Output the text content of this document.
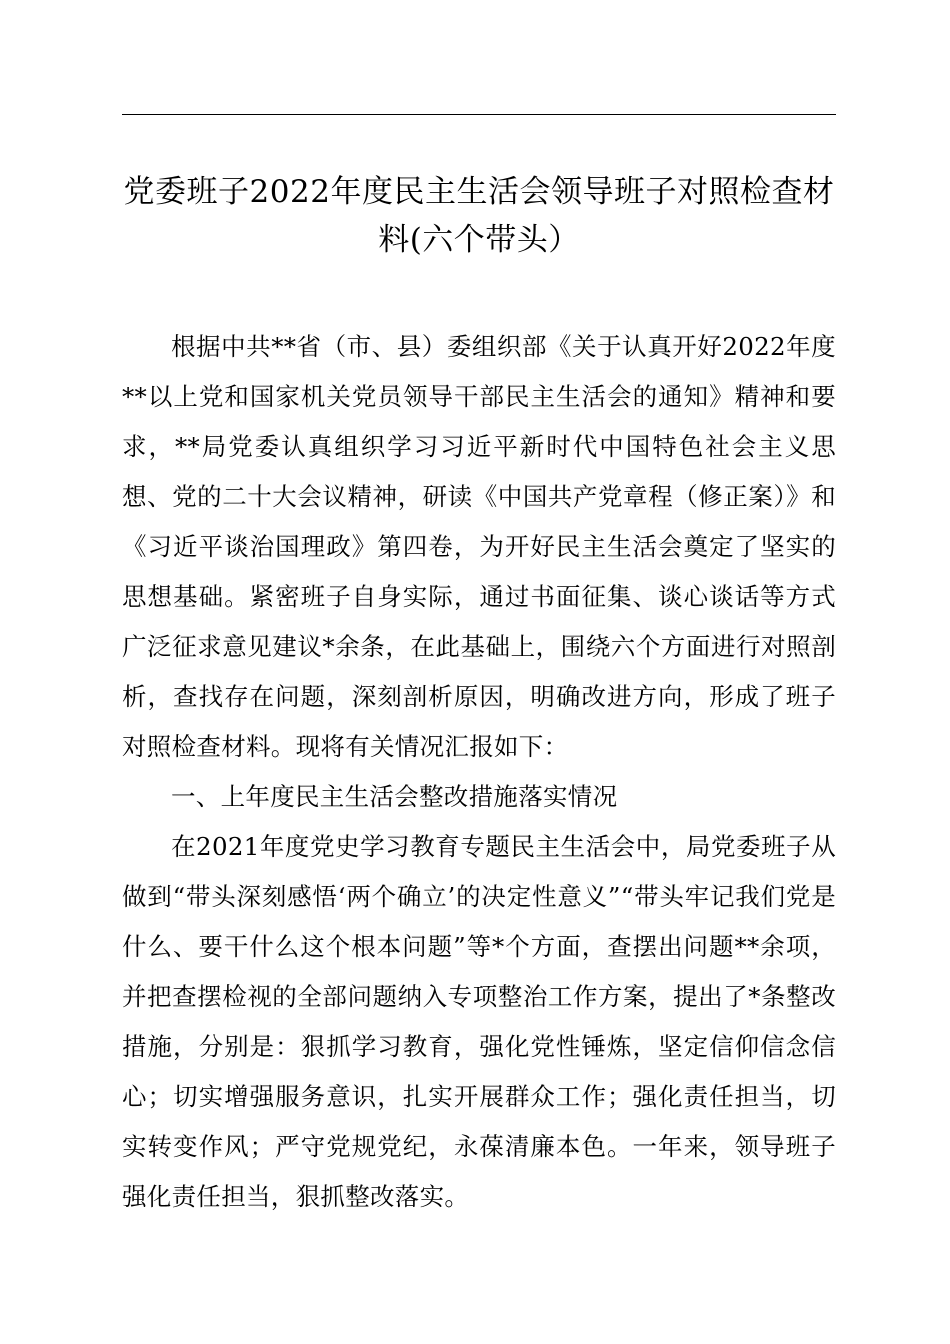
党委班子2022年度民主生活会领导班子对照检查材料(六个带头）

根据中共**省（市、县）委组织部《关于认真开好2022年度**以上党和国家机关党员领导干部民主生活会的通知》精神和要求，**局党委认真组织学习习近平新时代中国特色社会主义思想、党的二十大会议精神，研读《中国共产党章程（修正案）》和《习近平谈治国理政》第四卷，为开好民主生活会奠定了坚实的思想基础。紧密班子自身实际，通过书面征集、谈心谈话等方式广泛征求意见建议*余条，在此基础上，围绕六个方面进行对照剖析，查找存在问题，深刻剖析原因，明确改进方向，形成了班子对照检查材料。现将有关情况汇报如下：

一、上年度民主生活会整改措施落实情况

在2021年度党史学习教育专题民主生活会中，局党委班子从做到“带头深刻感悟‘两个确立’的决定性意义”“带头牢记我们党是什么、要干什么这个根本问题”等*个方面，查摆出问题**余项，并把查摆检视的全部问题纳入专项整治工作方案，提出了*条整改措施，分别是：狠抓学习教育，强化党性锤炼，坚定信仰信念信心；切实增强服务意识，扎实开展群众工作；强化责任担当，切实转变作风；严守党规党纪，永葆清廉本色。一年来，领导班子强化责任担当，狠抓整改落实。
